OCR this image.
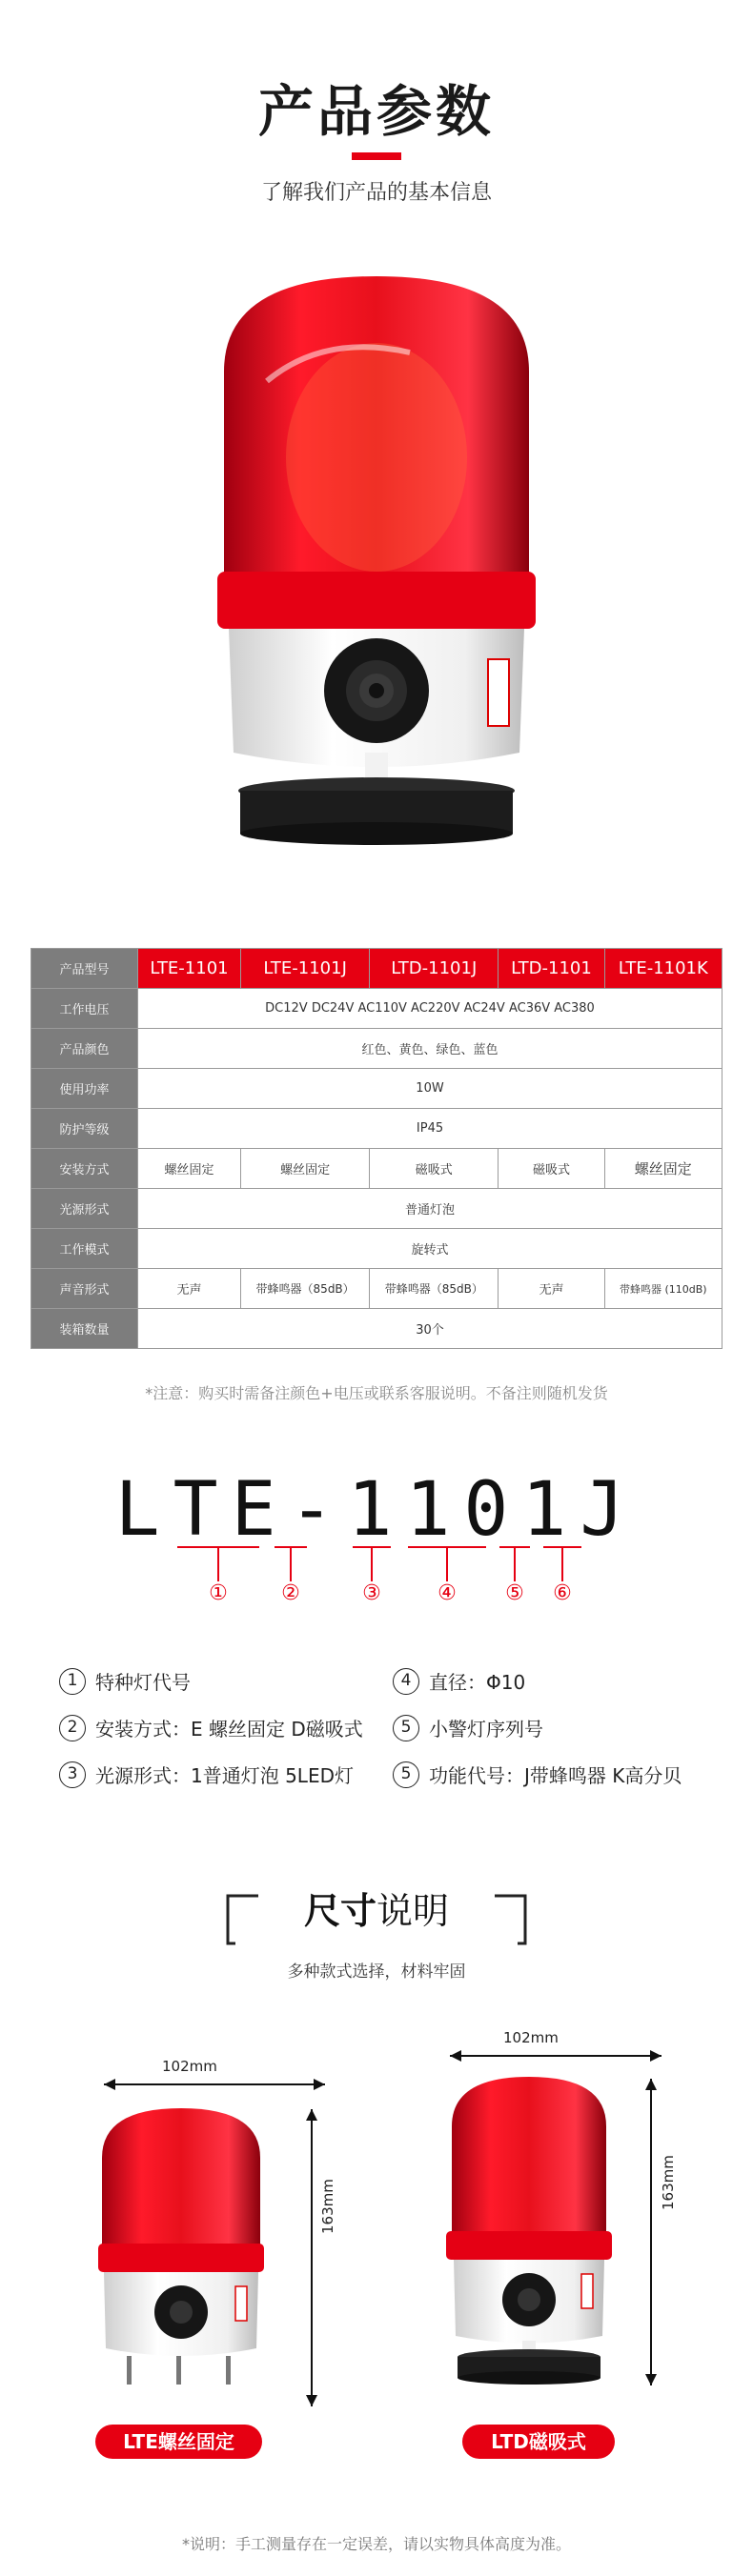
产品参数
了解我们产品的基本信息
产品型号	LTE-1101	LTE-1101J	LTD-1101J	LTD-1101	LTE-1101K
工作电压	DC12V DC24V AC110V AC220V AC24V AC36V AC380				
产品颜色	红色、黄色、绿色、蓝色				
使用功率	10W				
防护等级	IP45				
安装方式	螺丝固定	螺丝固定	磁吸式	磁吸式	螺丝固定
光源形式	普通灯泡				
工作模式	旋转式				
声音形式	无声	带蜂鸣器（85dB）	带蜂鸣器（85dB）	无声	带蜂鸣器 (110dB)
装箱数量	30个				
*注意：购买时需备注颜色+电压或联系客服说明。不备注则随机发货
LTE-1101J
①	②	③	④ ⑤ ⑥
1 特种灯代号
2 安装方式：E 螺丝固定 D磁吸式
3 光源形式：1普通灯泡 5LED灯
4 直径：Φ10
5 小警灯序列号
5 功能代号：J带蜂鸣器 K高分贝
尺寸说明
多种款式选择，材料牢固
102mm
163mm
LTE螺丝固定
102mm
163mm
LTD磁吸式
*说明：手工测量存在一定误差，请以实物具体高度为准。
